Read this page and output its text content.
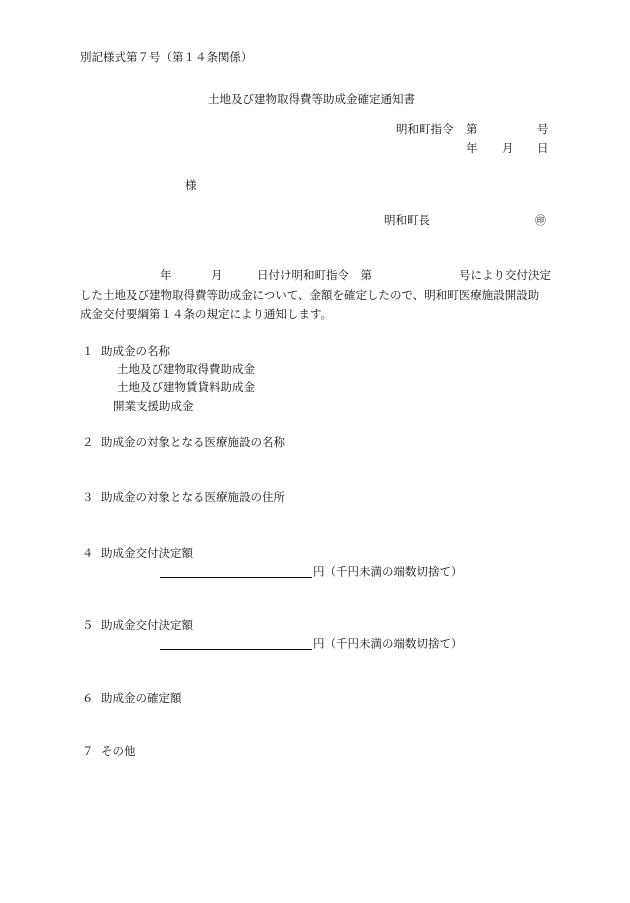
別記様式第７号（第１４条関係）
土地及び建物取得費等助成金確定通知書
明和町指令 第	号
年 月 日
様
明和町長	㊞
年	月	日付け明和町指令　第	号により交付決定
した土地及び建物取得費等助成金について、金額を確定したので、明和町医療施設開設助
成金交付要綱第１４条の規定により通知します。
１ 助成金の名称
土地及び建物取得費助成金
土地及び建物賃貸料助成金
開業支援助成金
２ 助成金の対象となる医療施設の名称
３ 助成金の対象となる医療施設の住所
４ 助成金交付決定額
円（千円未満の端数切捨て）
５ 助成金交付決定額
円（千円未満の端数切捨て）
６ 助成金の確定額
７ その他
